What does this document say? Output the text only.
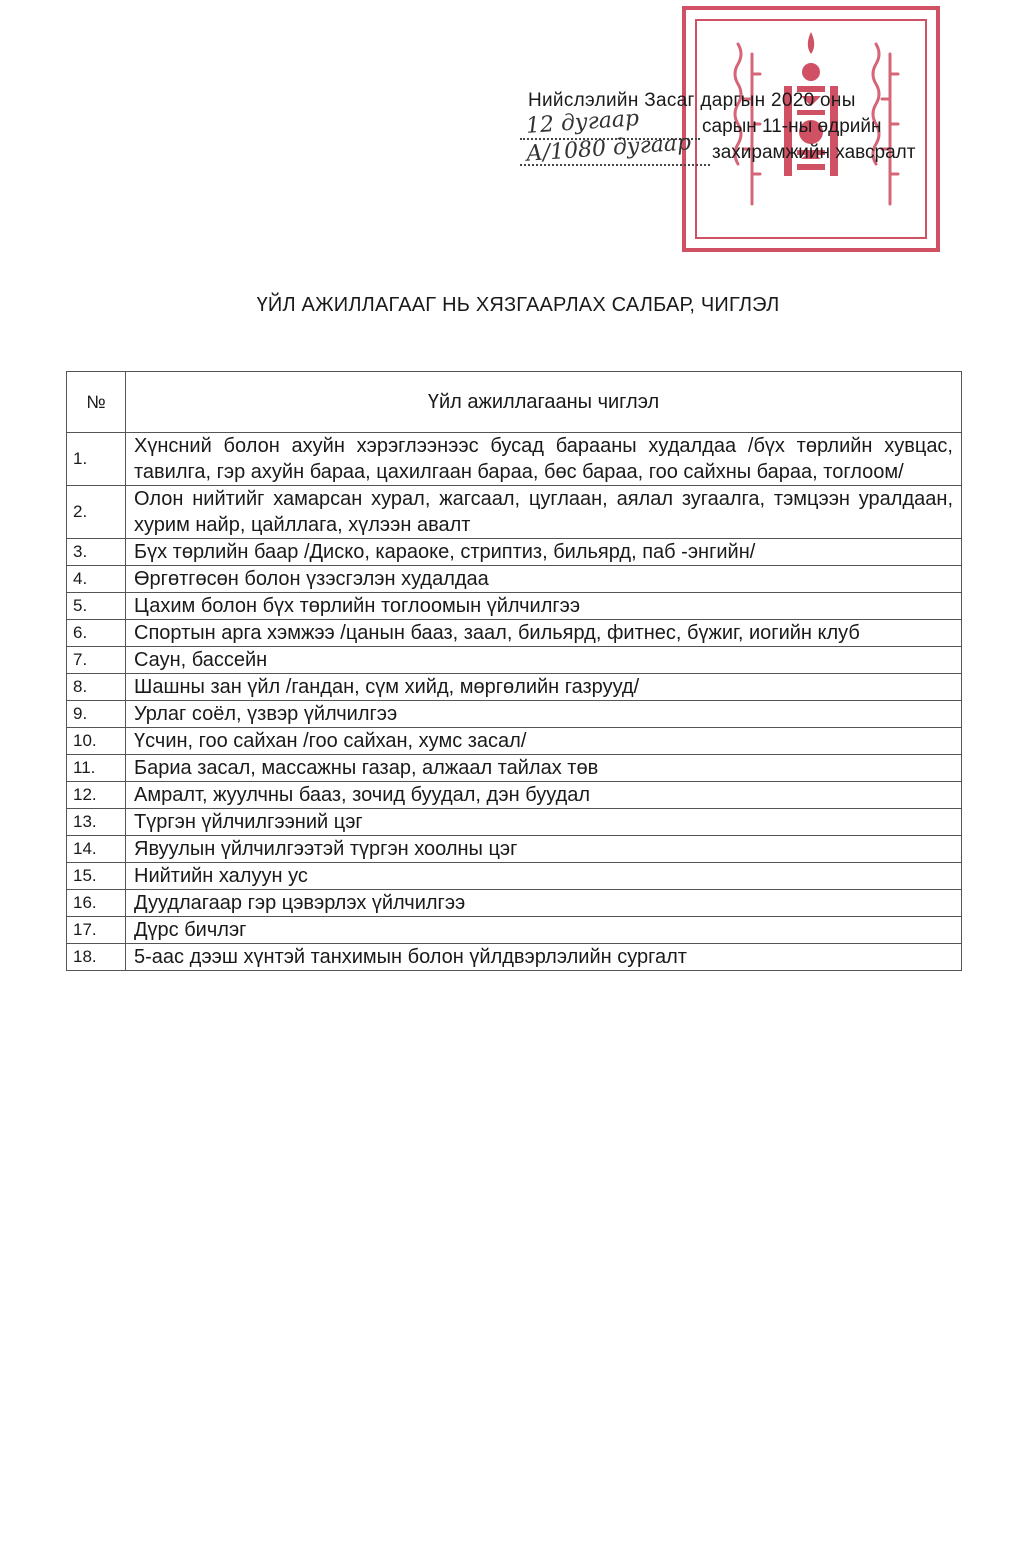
Нийслэлийн Засаг даргын 2020 оны
12 дугаар	сарын 11-ны өдрийн
А/1080 дугаар захирамжийн хавсралт
ҮЙЛ АЖИЛЛАГААГ НЬ ХЯЗГААРЛАХ САЛБАР, ЧИГЛЭЛ
№	Үйл ажиллагааны чиглэл
1.	Хүнсний болон ахуйн хэрэглээнээс бусад барааны худалдаа /бүх төрлийн хувцас, тавилга, гэр ахуйн бараа, цахилгаан бараа, бөс бараа, гоо сайхны бараа, тоглоом/
2.	Олон нийтийг хамарсан хурал, жагсаал, цуглаан, аялал зугаалга, тэмцээн уралдаан, хурим найр, цайллага, хүлээн авалт
3.	Бүх төрлийн баар /Диско, караоке, стриптиз, бильярд, паб -энгийн/
4.	Өргөтгөсөн болон үзэсгэлэн худалдаа
5.	Цахим болон бүх төрлийн тоглоомын үйлчилгээ
6.	Спортын арга хэмжээ /цанын бааз, заал, бильярд, фитнес, бүжиг, иогийн клуб
7.	Саун, бассейн
8.	Шашны зан үйл /гандан, сүм хийд, мөргөлийн газрууд/
9.	Урлаг соёл, үзвэр үйлчилгээ
10.	Үсчин, гоо сайхан /гоо сайхан, хумс засал/
11.	Бариа засал, массажны газар, алжаал тайлах төв
12.	Амралт, жуулчны бааз, зочид буудал, дэн буудал
13.	Түргэн үйлчилгээний цэг
14.	Явуулын үйлчилгээтэй түргэн хоолны цэг
15.	Нийтийн халуун ус
16.	Дуудлагаар гэр цэвэрлэх үйлчилгээ
17.	Дүрс бичлэг
18.	5-аас дээш хүнтэй танхимын болон үйлдвэрлэлийн сургалт
